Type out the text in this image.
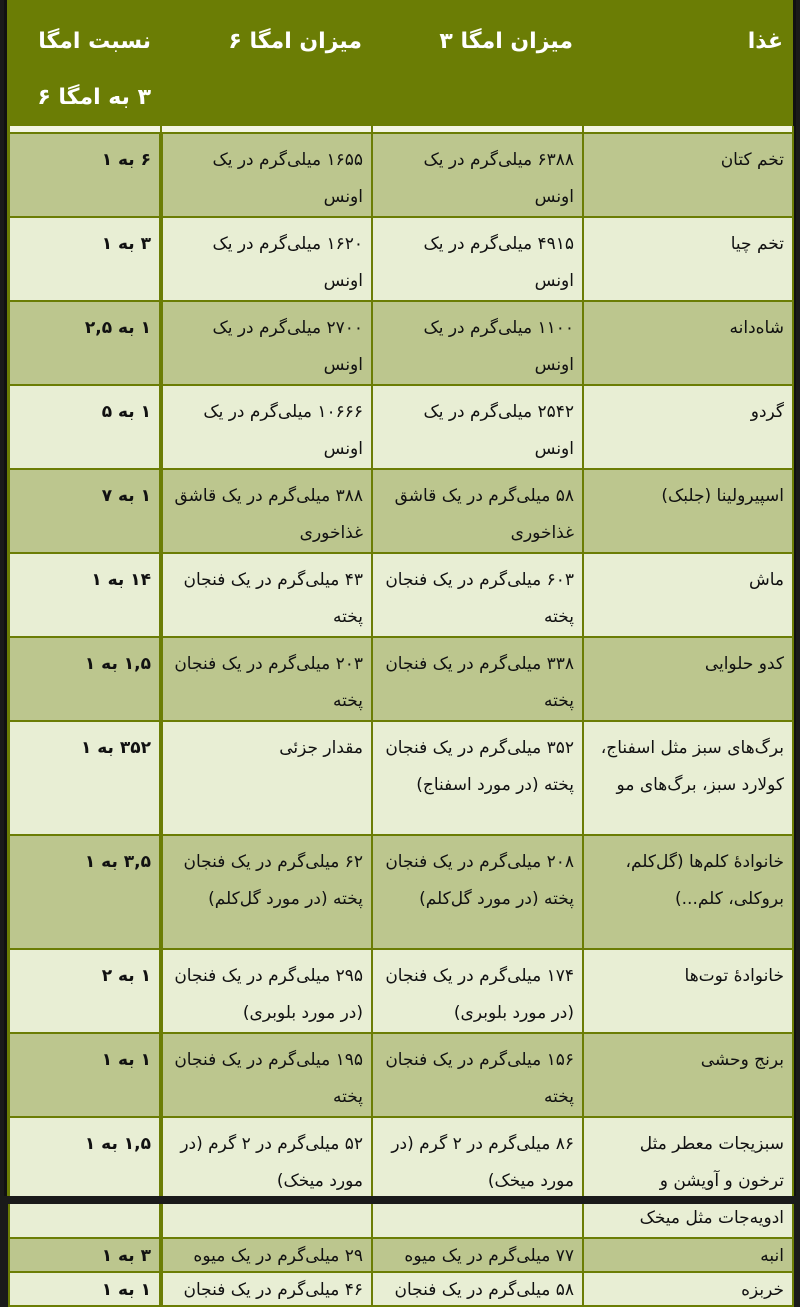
غذا	میزان امگا ۳	میزان امگا ۶	نسبت امگا ۳ به امگا ۶

تخم کتان	۶۳۸۸ میلی‌گرم در یک اونس	۱۶۵۵ میلی‌گرم در یک اونس	۶ به ۱
تخم چیا	۴۹۱۵ میلی‌گرم در یک اونس	۱۶۲۰ میلی‌گرم در یک اونس	۳ به ۱
شاه‌دانه	۱۱۰۰ میلی‌گرم در یک اونس	۲۷۰۰ میلی‌گرم در یک اونس	۱ به ۲,۵
گردو	۲۵۴۲ میلی‌گرم در یک اونس	۱۰۶۶۶ میلی‌گرم در یک اونس	۱ به ۵
اسپیرولینا (جلبک)	۵۸ میلی‌گرم در یک قاشق غذاخوری	۳۸۸ میلی‌گرم در یک قاشق غذاخوری	۱ به ۷
ماش	۶۰۳ میلی‌گرم در یک فنجان پخته	۴۳ میلی‌گرم در یک فنجان پخته	۱۴ به ۱
کدو حلوایی	۳۳۸ میلی‌گرم در یک فنجان پخته	۲۰۳ میلی‌گرم در یک فنجان پخته	۱,۵ به ۱
برگ‌های سبز مثل اسفناج، کولارد سبز، برگ‌های مو	۳۵۲ میلی‌گرم در یک فنجان پخته (در مورد اسفناج)	مقدار جزئی	۳۵۲ به ۱
خانوادهٔ کلم‌ها (گل‌کلم، بروکلی، کلم...)	۲۰۸ میلی‌گرم در یک فنجان پخته (در مورد گل‌کلم)	۶۲ میلی‌گرم در یک فنجان پخته (در مورد گل‌کلم)	۳,۵ به ۱
خانوادهٔ توت‌ها	۱۷۴ میلی‌گرم در یک فنجان (در مورد بلوبری)	۲۹۵ میلی‌گرم در یک فنجان (در مورد بلوبری)	۱ به ۲
برنج وحشی	۱۵۶ میلی‌گرم در یک فنجان پخته	۱۹۵ میلی‌گرم در یک فنجان پخته	۱ به ۱
سبزیجات معطر مثل ترخون و آویشن و ادویه‌جات مثل میخک	۸۶ میلی‌گرم در ۲ گرم (در مورد میخک)	۵۲ میلی‌گرم در ۲ گرم (در مورد میخک)	۱,۵ به ۱
انبه	۷۷ میلی‌گرم در یک میوه	۲۹ میلی‌گرم در یک میوه	۳ به ۱
خربزه	۵۸ میلی‌گرم در یک فنجان	۴۶ میلی‌گرم در یک فنجان	۱ به ۱
